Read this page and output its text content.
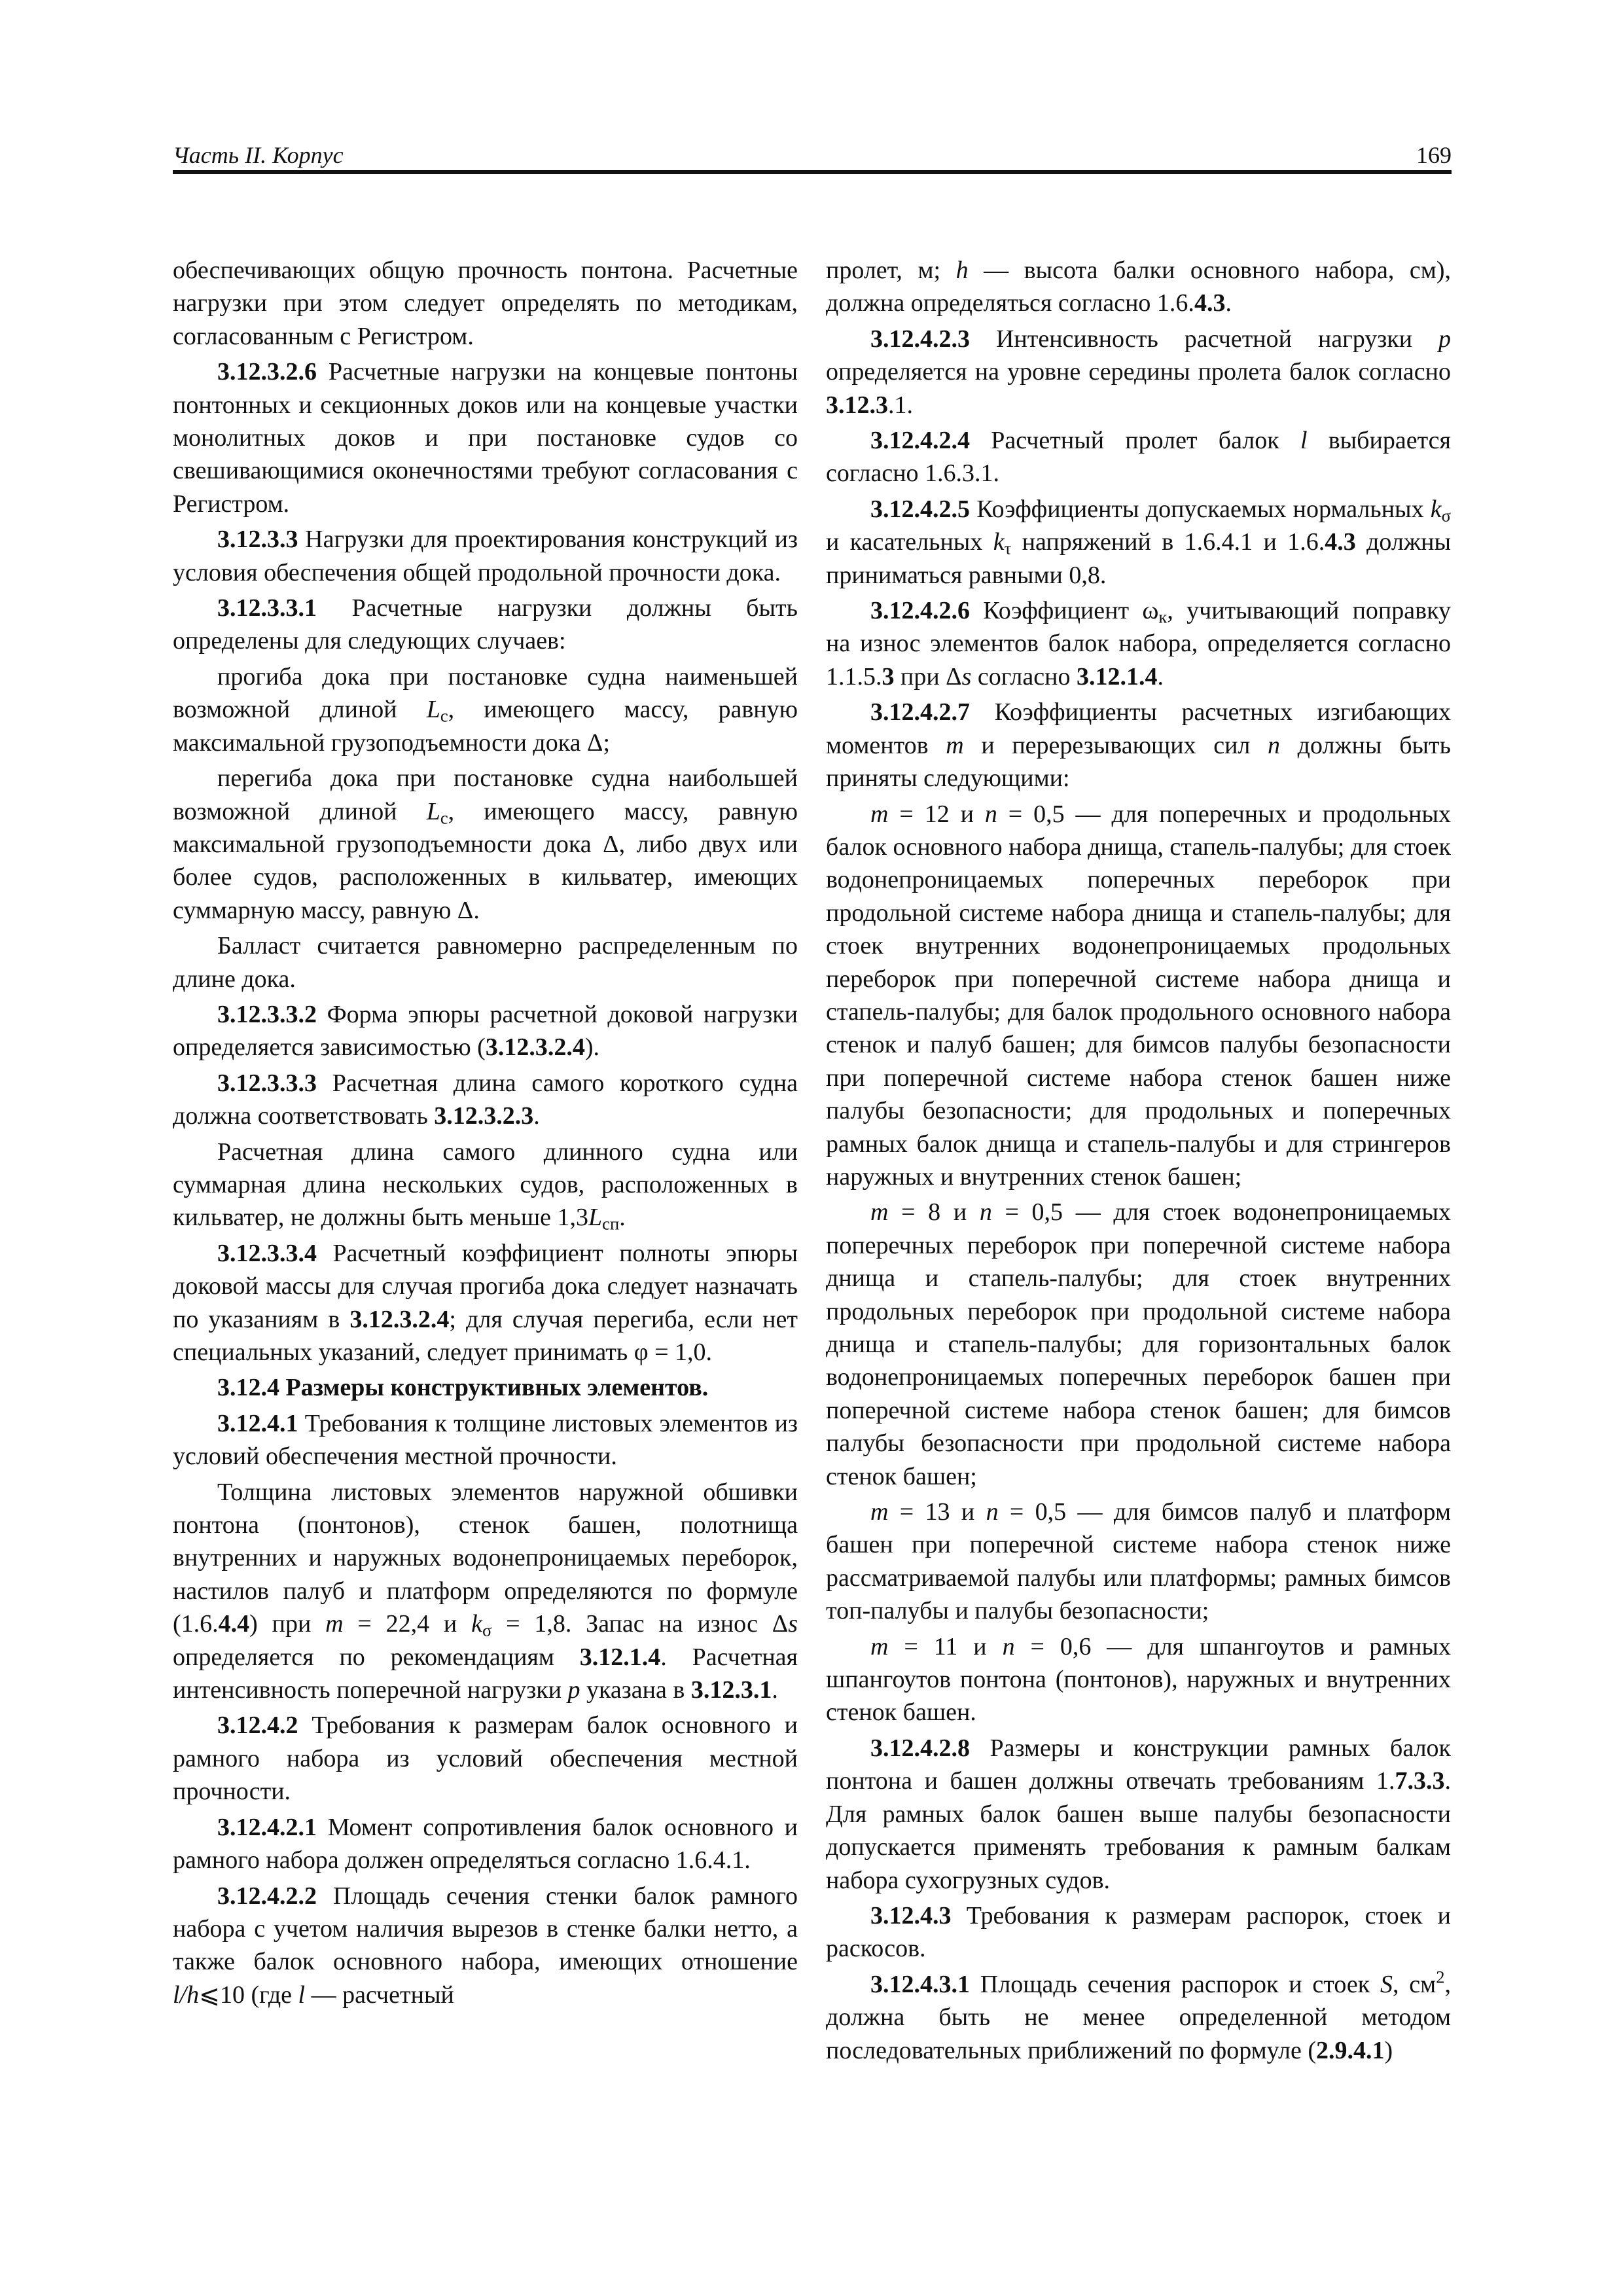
Часть II. Корпус	169

обеспечивающих общую прочность понтона. Расчетные нагрузки при этом следует определять по методикам, согласованным с Регистром.

3.12.3.2.6 Расчетные нагрузки на концевые понтоны понтонных и секционных доков или на концевые участки монолитных доков и при постановке судов со свешивающимися оконечностями требуют согласования с Регистром.

3.12.3.3 Нагрузки для проектирования конструкций из условия обеспечения общей продольной прочности дока.

3.12.3.3.1 Расчетные нагрузки должны быть определены для следующих случаев:

прогиба дока при постановке судна наименьшей возможной длиной $L_c$, имеющего массу, равную максимальной грузоподъемности дока Δ;

перегиба дока при постановке судна наибольшей возможной длиной $L_c$, имеющего массу, равную максимальной грузоподъемности дока Δ, либо двух или более судов, расположенных в кильватер, имеющих суммарную массу, равную Δ.

Балласт считается равномерно распределенным по длине дока.

3.12.3.3.2 Форма эпюры расчетной доковой нагрузки определяется зависимостью (3.12.3.2.4).

3.12.3.3.3 Расчетная длина самого короткого судна должна соответствовать 3.12.3.2.3.

Расчетная длина самого длинного судна или суммарная длина нескольких судов, расположенных в кильватер, не должны быть меньше $1,3L_{сп}$.

3.12.3.3.4 Расчетный коэффициент полноты эпюры доковой массы для случая прогиба дока следует назначать по указаниям в 3.12.3.2.4; для случая перегиба, если нет специальных указаний, следует принимать φ = 1,0.

3.12.4 Размеры конструктивных элементов.

3.12.4.1 Требования к толщине листовых элементов из условий обеспечения местной прочности.

Толщина листовых элементов наружной обшивки понтона (понтонов), стенок башен, полотнища внутренних и наружных водонепроницаемых переборок, настилов палуб и платформ определяются по формуле (1.6.4.4) при m = 22,4 и $k_\sigma = 1,8$. Запас на износ Δs определяется по рекомендациям 3.12.1.4. Расчетная интенсивность поперечной нагрузки p указана в 3.12.3.1.

3.12.4.2 Требования к размерам балок основного и рамного набора из условий обеспечения местной прочности.

3.12.4.2.1 Момент сопротивления балок основного и рамного набора должен определяться согласно 1.6.4.1.

3.12.4.2.2 Площадь сечения стенки балок рамного набора с учетом наличия вырезов в стенке балки нетто, а также балок основного набора, имеющих отношение l/h⩽10 (где l — расчетный

пролет, м; h — высота балки основного набора, см), должна определяться согласно 1.6.4.3.

3.12.4.2.3 Интенсивность расчетной нагрузки p определяется на уровне середины пролета балок согласно 3.12.3.1.

3.12.4.2.4 Расчетный пролет балок l выбирается согласно 1.6.3.1.

3.12.4.2.5 Коэффициенты допускаемых нормальных $k_\sigma$ и касательных $k_\tau$ напряжений в 1.6.4.1 и 1.6.4.3 должны приниматься равными 0,8.

3.12.4.2.6 Коэффициент $\omega_к$, учитывающий поправку на износ элементов балок набора, определяется согласно 1.1.5.3 при Δs согласно 3.12.1.4.

3.12.4.2.7 Коэффициенты расчетных изгибающих моментов m и перерезывающих сил n должны быть приняты следующими:

m = 12 и n = 0,5 — для поперечных и продольных балок основного набора днища, стапель-палубы; для стоек водонепроницаемых поперечных переборок при продольной системе набора днища и стапель-палубы; для стоек внутренних водонепроницаемых продольных переборок при поперечной системе набора днища и стапель-палубы; для балок продольного основного набора стенок и палуб башен; для бимсов палубы безопасности при поперечной системе набора стенок башен ниже палубы безопасности; для продольных и поперечных рамных балок днища и стапель-палубы и для стрингеров наружных и внутренних стенок башен;

m = 8 и n = 0,5 — для стоек водонепроницаемых поперечных переборок при поперечной системе набора днища и стапель-палубы; для стоек внутренних продольных переборок при продольной системе набора днища и стапель-палубы; для горизонтальных балок водонепроницаемых поперечных переборок башен при поперечной системе набора стенок башен; для бимсов палубы безопасности при продольной системе набора стенок башен;

m = 13 и n = 0,5 — для бимсов палуб и платформ башен при поперечной системе набора стенок ниже рассматриваемой палубы или платформы; рамных бимсов топ-палубы и палубы безопасности;

m = 11 и n = 0,6 — для шпангоутов и рамных шпангоутов понтона (понтонов), наружных и внутренних стенок башен.

3.12.4.2.8 Размеры и конструкции рамных балок понтона и башен должны отвечать требованиям 1.7.3.3. Для рамных балок башен выше палубы безопасности допускается применять требования к рамным балкам набора сухогрузных судов.

3.12.4.3 Требования к размерам распорок, стоек и раскосов.

3.12.4.3.1 Площадь сечения распорок и стоек S, $см^2$, должна быть не менее определенной методом последовательных приближений по формуле (2.9.4.1)
